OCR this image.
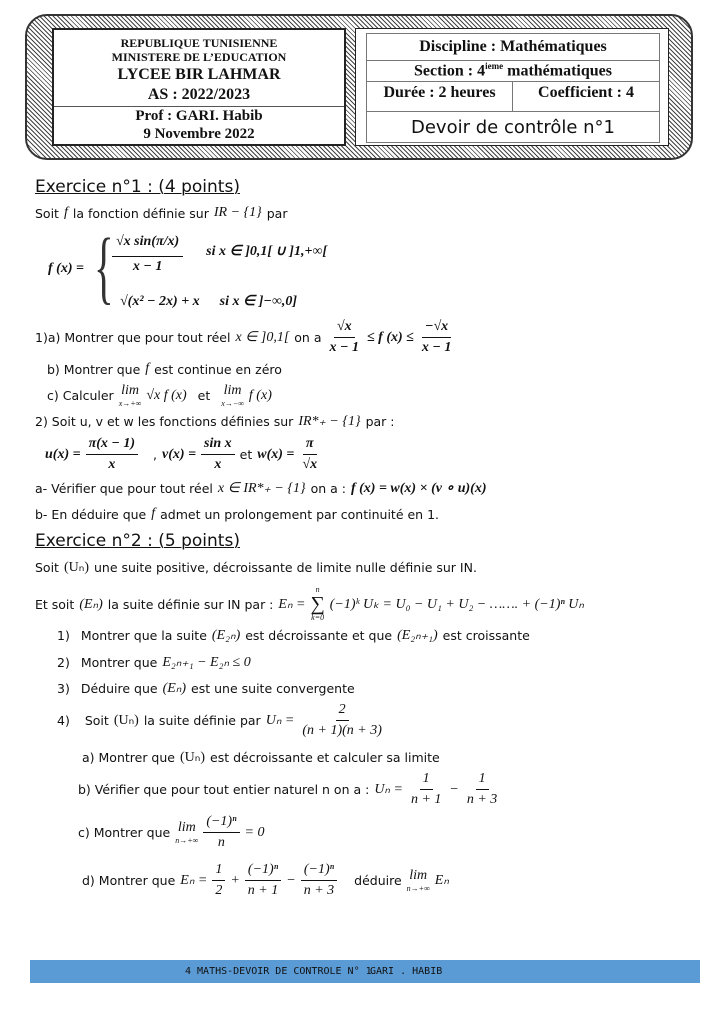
REPUBLIQUE TUNISIENNE
MINISTERE DE L’EDUCATION
LYCEE BIR LAHMAR
AS : 2022/2023
Prof : GARI. Habib
9 Novembre 2022
Discipline : Mathématiques
Section : 4ieme mathématiques
Durée : 2 heures	Coefficient : 4
Devoir de contrôle n°1
Exercice n°1 : (4 points)
Soit f la fonction définie sur IR − {1} par
f (x) = {
$\frac{\text{√x sin(π/x)}}{x - 1}$ si x ∈ ]0,1[ ∪ ]1,+∞[
√(x² − 2x) + x si x ∈ ]−∞,0]
1)a) Montrer que pour tout réel x ∈ ]0,1[ on a $\frac{√x}{x - 1} \le f$ $(x) \le \frac{-√x}{x - 1}$
b) Montrer que f est continue en zéro
c) Calculer lim
x→+∞
√x f (x) et lim
x→−∞
f (x)
2) Soit u, v et w les fonctions définies sur IR*₊ − {1} par :
$u(x) = \frac{\pi(x - 1)}{x}$ , $v(x) = \frac{\text{sin x}}{x}$ et $w(x) = \frac{\pi}{√x}$
a- Vérifier que pour tout réel x ∈ IR*₊ − {1} on a : f (x) = w(x) × (v ∘ u)(x)
b- En déduire que f admet un prolongement par continuité en 1.
Exercice n°2 : (5 points)
Soit (Uₙ) une suite positive, décroissante de limite nulle définie sur IN.
Et soit (Eₙ) la suite définie sur IN par : Eₙ =
n
∑
k=0
(−1)ᵏ Uₖ = U₀ − U₁ + U₂ − ……. + (−1)ⁿ Uₙ
1) Montrer que la suite (E₂ₙ) est décroissante et que (E₂ₙ₊₁) est croissante
2) Montrer que E₂ₙ₊₁ − E₂ₙ ≤ 0
3) Déduire que (Eₙ) est une suite convergente
4) Soit (Uₙ) la suite définie par $U_n = \frac{2}{(n + 1)(n + 3)}$
a) Montrer que (Uₙ) est décroissante et calculer sa limite
b) Vérifier que pour tout entier naturel n on a : $U_n = \frac{1}{n + 1} - \frac{1}{n + 3}$
c) Montrer que lim
$n\to+\infty \frac{\text{(−1)ⁿ}}{n} = 0$
d) Montrer que $E_n = \frac{1}{2} + \frac{\text{(−1)ⁿ}}{n + 1} - \frac{\text{(−1)ⁿ}}{n + 3}$ déduire lim
n→+∞
Eₙ
4 MATHS-DEVOIR DE CONTROLE N° 1
GARI . HABIB
